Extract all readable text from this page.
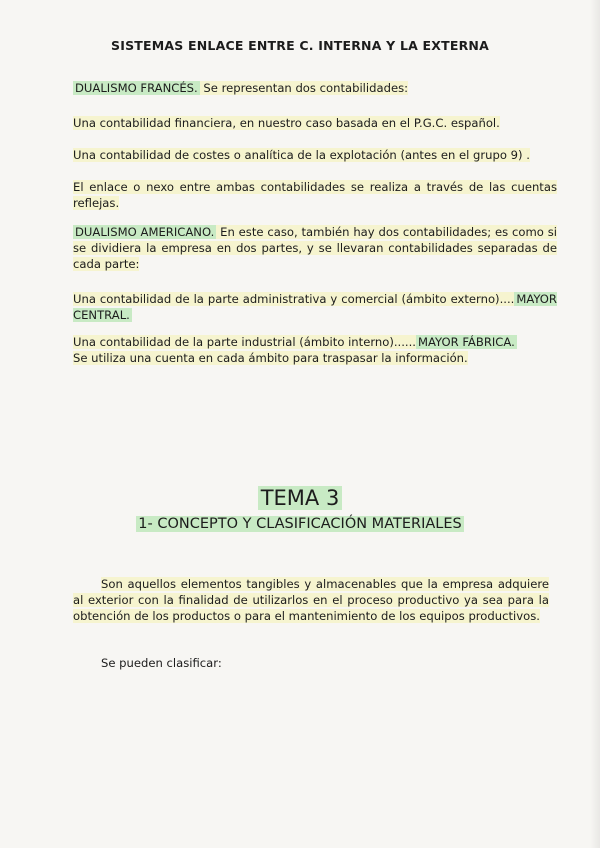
SISTEMAS ENLACE ENTRE C. INTERNA Y LA EXTERNA
DUALISMO FRANCÉS. Se representan dos contabilidades:
Una contabilidad financiera, en nuestro caso basada en el P.G.C. español.
Una contabilidad de costes o analítica de la explotación (antes en el grupo 9) .
El enlace o nexo entre ambas contabilidades se realiza a través de las cuentas reflejas.
DUALISMO AMERICANO. En este caso, también hay dos contabilidades; es como si se dividiera la empresa en dos partes, y se llevaran contabilidades separadas de cada parte:
Una contabilidad de la parte administrativa y comercial (ámbito externo).... MAYOR CENTRAL.
Una contabilidad de la parte industrial (ámbito interno)...... MAYOR FÁBRICA.
Se utiliza una cuenta en cada ámbito para traspasar la información.
TEMA 3
1- CONCEPTO Y CLASIFICACIÓN MATERIALES
Son aquellos elementos tangibles y almacenables que la empresa adquiere al exterior con la finalidad de utilizarlos en el proceso productivo ya sea para la obtención de los productos o para el mantenimiento de los equipos productivos.
Se pueden clasificar:
